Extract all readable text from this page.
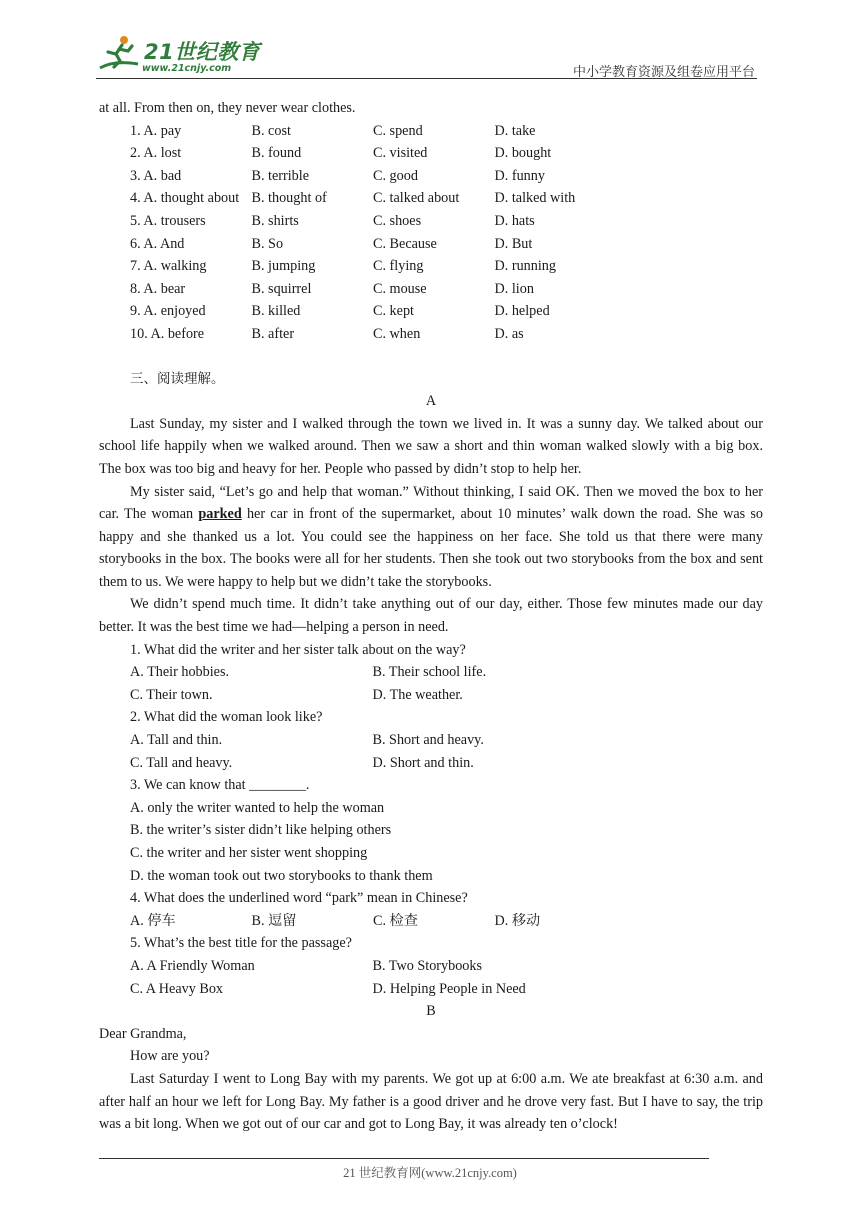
21世纪教育
www.21cnjy.com	中小学教育资源及组卷应用平台

at all. From then on, they never wear clothes.

1. A. pay	B. cost	C. spend	D. take
2. A. lost	B. found	C. visited	D. bought
3. A. bad	B. terrible	C. good	D. funny
4. A. thought about B. thought of	C. talked about	D. talked with
5. A. trousers	B. shirts	C. shoes	D. hats
6. A. And	B. So	C. Because	D. But
7. A. walking	B. jumping	C. flying	D. running
8. A. bear	B. squirrel	C. mouse	D. lion
9. A. enjoyed	B. killed	C. kept	D. helped
10. A. before	B. after	C. when	D. as
三、阅读理解。
A

Last Sunday, my sister and I walked through the town we lived in. It was a sunny day. We talked about our school life happily when we walked around. Then we saw a short and thin woman walked slowly with a big box. The box was too big and heavy for her. People who passed by didn’t stop to help her.

My sister said, “Let’s go and help that woman.” Without thinking, I said OK. Then we moved the box to her car. The woman parked her car in front of the supermarket, about 10 minutes’ walk down the road. She was so happy and she thanked us a lot. You could see the happiness on her face. She told us that there were many storybooks in the box. The books were all for her students. Then she took out two storybooks from the box and sent them to us. We were happy to help but we didn’t take the storybooks.

We didn’t spend much time. It didn’t take anything out of our day, either. Those few minutes made our day better. It was the best time we had—helping a person in need.

1. What did the writer and her sister talk about on the way?
A. Their hobbies.	B. Their school life.
C. Their town.	D. The weather.
2. What did the woman look like?
A. Tall and thin.	B. Short and heavy.
C. Tall and heavy.	D. Short and thin.
3. We can know that ________.
A. only the writer wanted to help the woman
B. the writer’s sister didn’t like helping others
C. the writer and her sister went shopping
D. the woman took out two storybooks to thank them
4. What does the underlined word “park” mean in Chinese?
A. 停车	B. 逗留	C. 检查	D. 移动
5. What’s the best title for the passage?
A. A Friendly Woman	B. Two Storybooks
C. A Heavy Box	D. Helping People in Need
B

Dear Grandma,

How are you?

Last Saturday I went to Long Bay with my parents. We got up at 6:00 a.m. We ate breakfast at 6:30 a.m. and after half an hour we left for Long Bay. My father is a good driver and he drove very fast. But I have to say, the trip was a bit long. When we got out of our car and got to Long Bay, it was already ten o’clock!

21 世纪教育网(www.21cnjy.com)
